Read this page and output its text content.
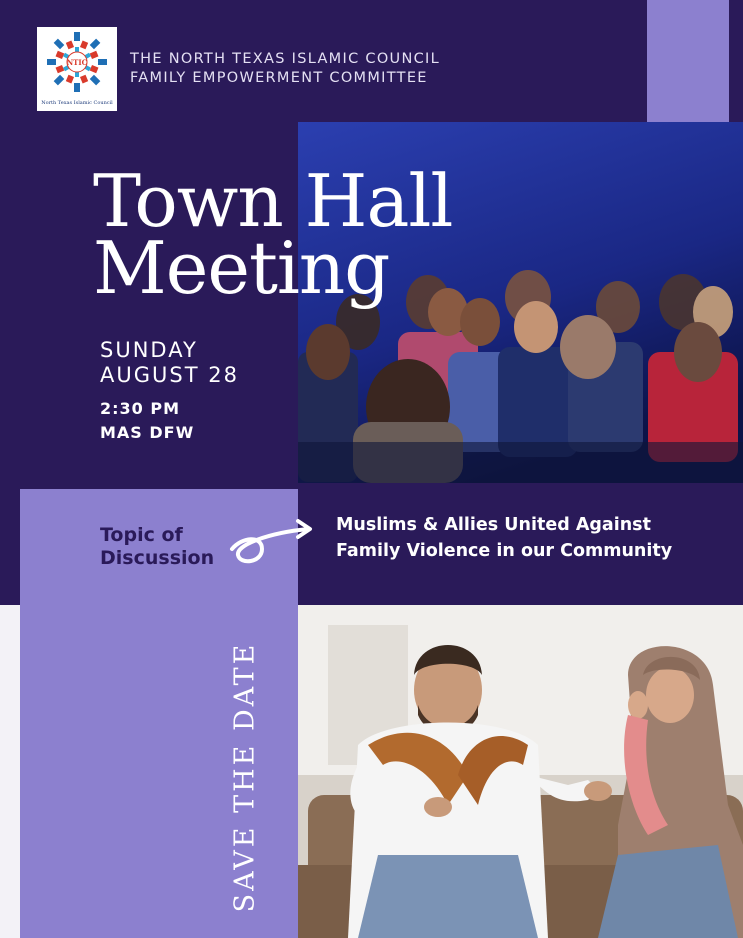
NTIC
North Texas Islamic Council
THE NORTH TEXAS ISLAMIC COUNCIL
FAMILY EMPOWERMENT COMMITTEE
Town Hall
Meeting
SUNDAY
AUGUST 28
2:30 PM
MAS DFW
Topic of
Discussion
Muslims & Allies United Against
Family Violence in our Community
SAVE THE DATE
